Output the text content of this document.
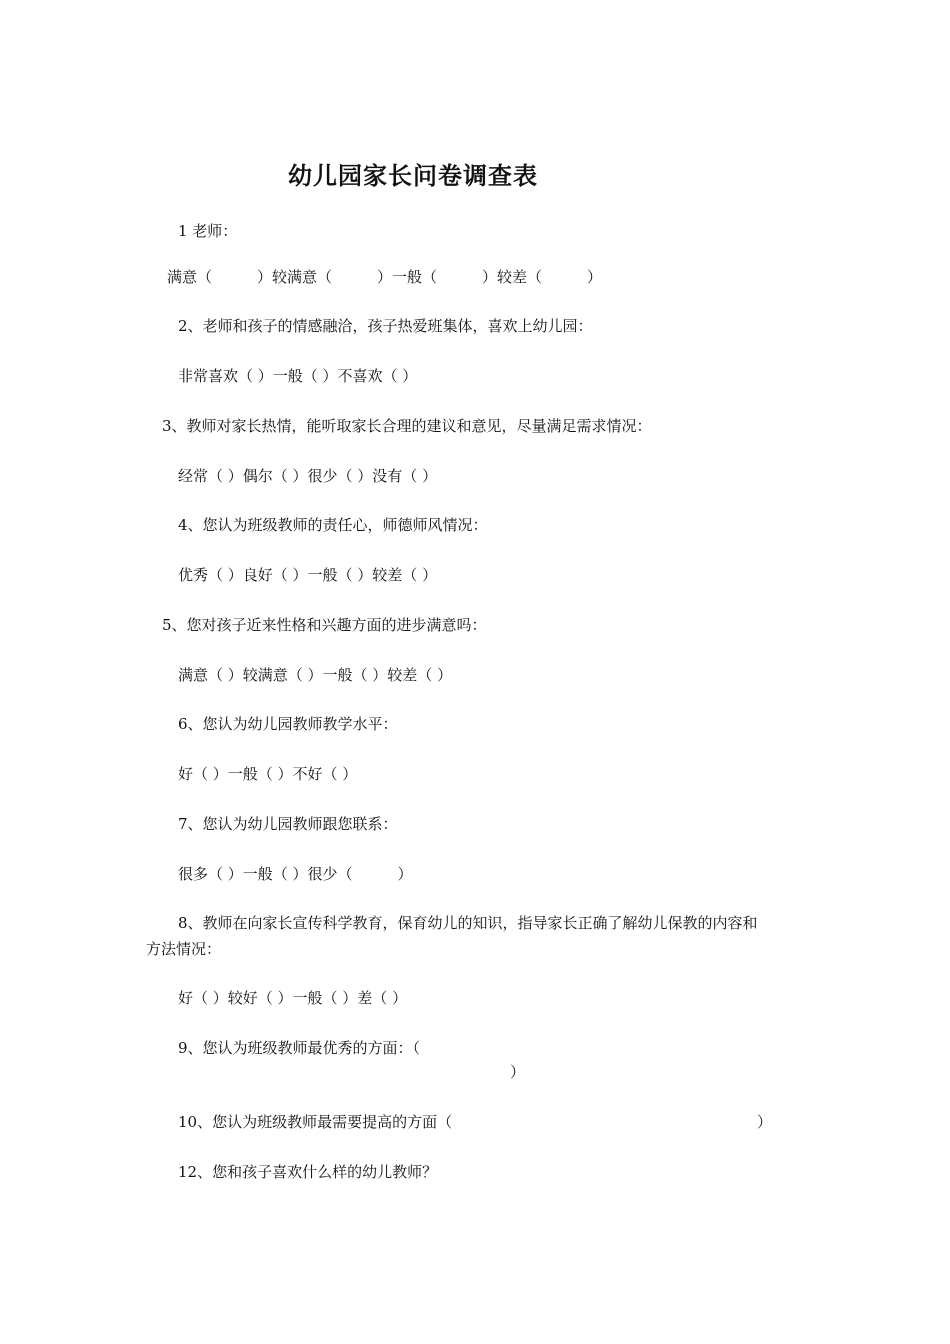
幼儿园家长问卷调查表
1 老师：
满意（　　　）较满意（　　　）一般（　　　）较差（　　　）
2、老师和孩子的情感融洽，孩子热爱班集体，喜欢上幼儿园：
非常喜欢（ ）一般（ ）不喜欢（ ）
3、教师对家长热情，能听取家长合理的建议和意见，尽量满足需求情况：
经常（ ）偶尔（ ）很少（ ）没有（ ）
4、您认为班级教师的责任心，师德师风情况：
优秀（ ）良好（ ）一般（ ）较差（ ）
5、您对孩子近来性格和兴趣方面的进步满意吗：
满意（ ）较满意（ ）一般（ ）较差（ ）
6、您认为幼儿园教师教学水平：
好（ ）一般（ ）不好（ ）
7、您认为幼儿园教师跟您联系：
很多（ ）一般（ ）很少（　　　）
8、教师在向家长宣传科学教育，保育幼儿的知识，指导家长正确了解幼儿保教的内容和
方法情况：
好（ ）较好（ ）一般（ ）差（ ）
9、您认为班级教师最优秀的方面：（
）
10、您认为班级教师最需要提高的方面（	）
12、您和孩子喜欢什么样的幼儿教师？
